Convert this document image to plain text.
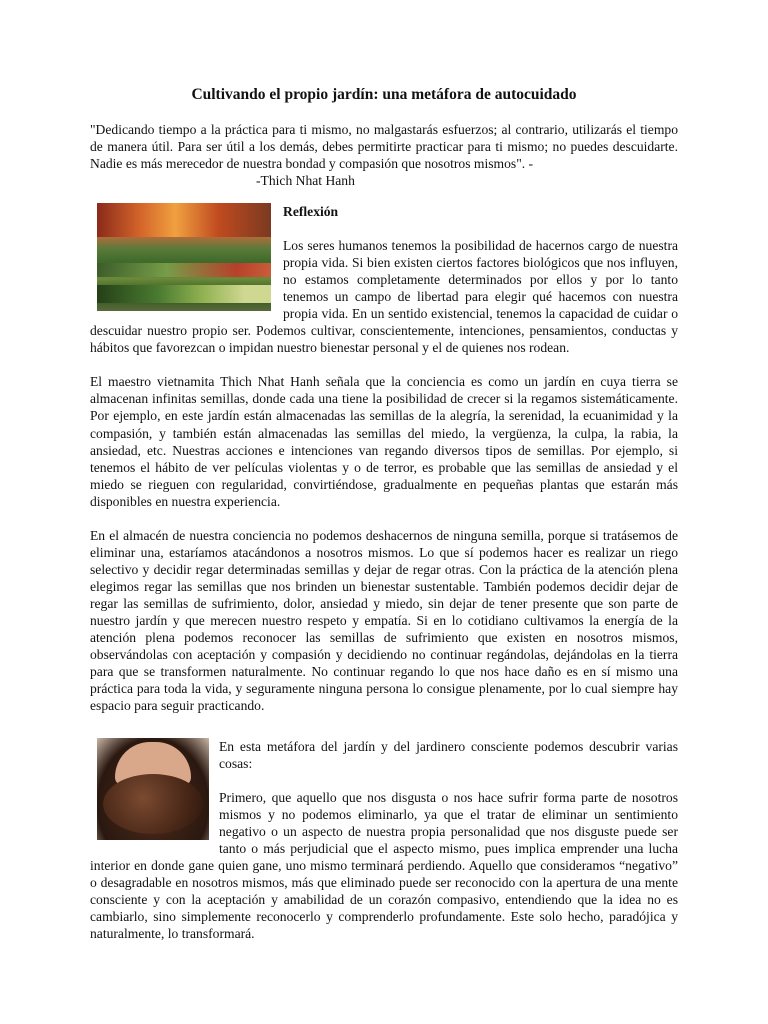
Cultivando el propio jardín: una metáfora de autocuidado

"Dedicando tiempo a la práctica para ti mismo, no malgastarás esfuerzos; al contrario, utilizarás el tiempo de manera útil. Para ser útil a los demás, debes permitirte practicar para ti mismo; no puedes descuidarte. Nadie es más merecedor de nuestra bondad y compasión que nosotros mismos". -

-Thich Nhat Hanh

Reflexión

Los seres humanos tenemos la posibilidad de hacernos cargo de nuestra propia vida. Si bien existen ciertos factores biológicos que nos influyen, no estamos completamente determinados por ellos y por lo tanto tenemos un campo de libertad para elegir qué hacemos con nuestra propia vida. En un sentido existencial, tenemos la capacidad de cuidar o descuidar nuestro propio ser. Podemos cultivar, conscientemente, intenciones, pensamientos, conductas y hábitos que favorezcan o impidan nuestro bienestar personal y el de quienes nos rodean.

El maestro vietnamita Thich Nhat Hanh señala que la conciencia es como un jardín en cuya tierra se almacenan infinitas semillas, donde cada una tiene la posibilidad de crecer si la regamos sistemáticamente. Por ejemplo, en este jardín están almacenadas las semillas de la alegría, la serenidad, la ecuanimidad y la compasión, y también están almacenadas las semillas del miedo, la vergüenza, la culpa, la rabia, la ansiedad, etc. Nuestras acciones e intenciones van regando diversos tipos de semillas. Por ejemplo, si tenemos el hábito de ver películas violentas y o de terror, es probable que las semillas de ansiedad y el miedo se rieguen con regularidad, convirtiéndose, gradualmente en pequeñas plantas que estarán más disponibles en nuestra experiencia.

En el almacén de nuestra conciencia no podemos deshacernos de ninguna semilla, porque si tratásemos de eliminar una, estaríamos atacándonos a nosotros mismos. Lo que sí podemos hacer es realizar un riego selectivo y decidir regar determinadas semillas y dejar de regar otras. Con la práctica de la atención plena elegimos regar las semillas que nos brinden un bienestar sustentable. También podemos decidir dejar de regar las semillas de sufrimiento, dolor, ansiedad y miedo, sin dejar de tener presente que son parte de nuestro jardín y que merecen nuestro respeto y empatía. Si en lo cotidiano cultivamos la energía de la atención plena podemos reconocer las semillas de sufrimiento que existen en nosotros mismos, observándolas con aceptación y compasión y decidiendo no continuar regándolas, dejándolas en la tierra para que se transformen naturalmente. No continuar regando lo que nos hace daño es en sí mismo una práctica para toda la vida, y seguramente ninguna persona lo consigue plenamente, por lo cual siempre hay espacio para seguir practicando.

En esta metáfora del jardín y del jardinero consciente podemos descubrir varias cosas:

Primero, que aquello que nos disgusta o nos hace sufrir forma parte de nosotros mismos y no podemos eliminarlo, ya que el tratar de eliminar un sentimiento negativo o un aspecto de nuestra propia personalidad que nos disguste puede ser tanto o más perjudicial que el aspecto mismo, pues implica emprender una lucha interior en donde gane quien gane, uno mismo terminará perdiendo. Aquello que consideramos “negativo” o desagradable en nosotros mismos, más que eliminado puede ser reconocido con la apertura de una mente consciente y con la aceptación y amabilidad de un corazón compasivo, entendiendo que la idea no es cambiarlo, sino simplemente reconocerlo y comprenderlo profundamente. Este solo hecho, paradójica y naturalmente, lo transformará.
